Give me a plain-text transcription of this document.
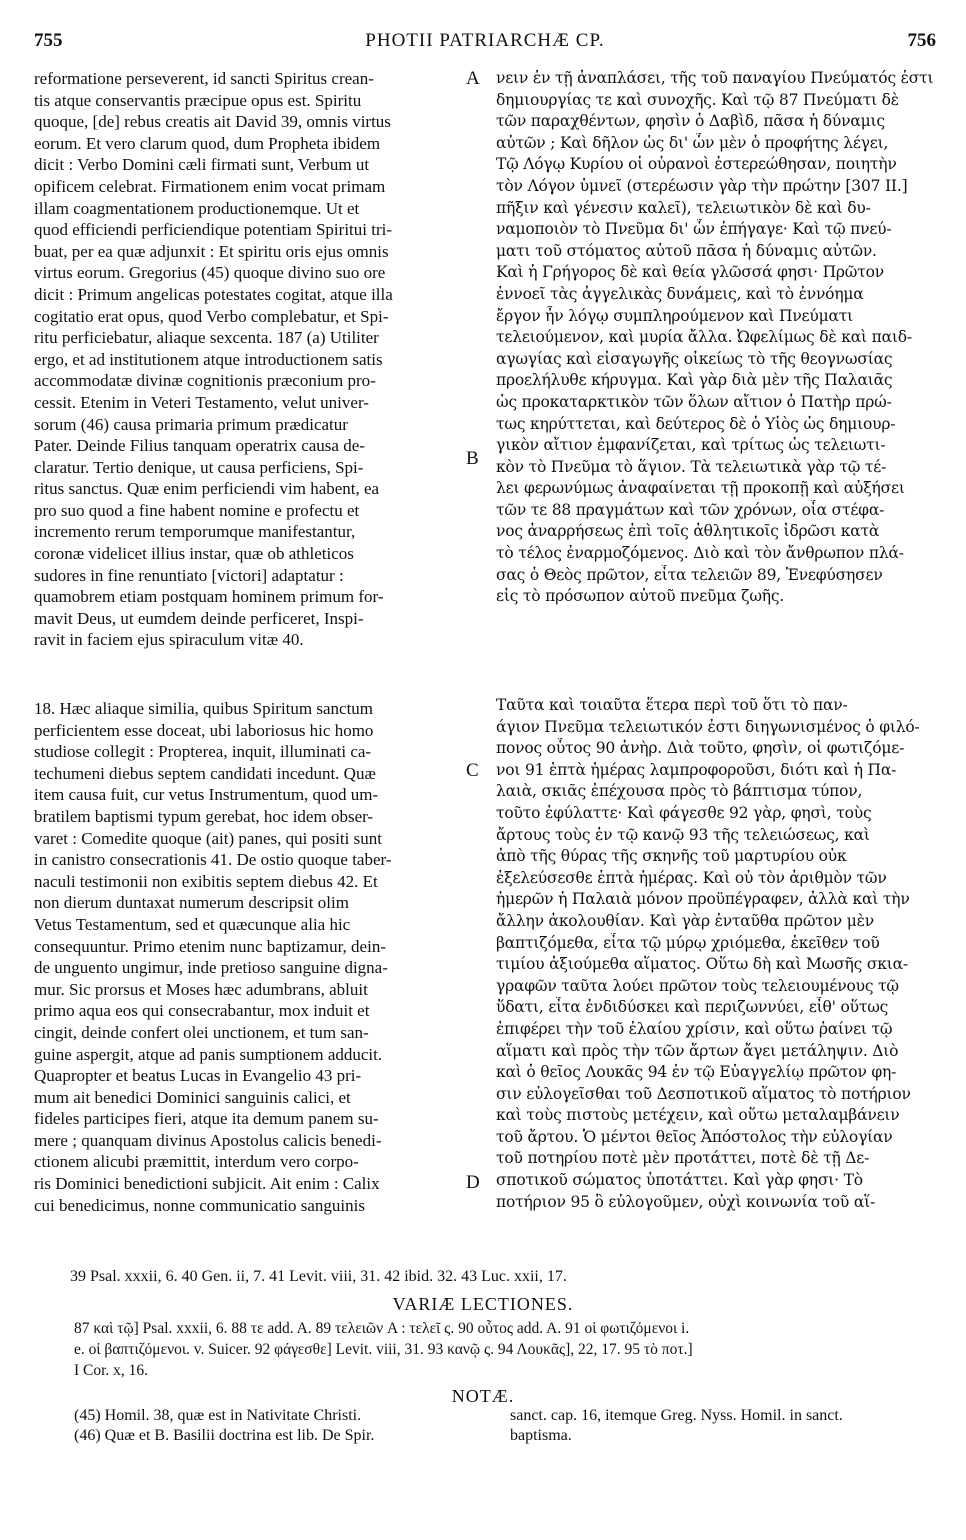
755	PHOTII PATRIARCHÆ CP.	756
reformatione perseverent, id sancti Spiritus crean-
tis atque conservantis præcipue opus est. Spiritu
quoque, [de] rebus creatis ait David 39, omnis virtus
eorum. Et vero clarum quod, dum Propheta ibidem
dicit : Verbo Domini cæli firmati sunt, Verbum ut
opificem celebrat. Firmationem enim vocat primam
illam coagmentationem productionemque. Ut et
quod efficiendi perficiendique potentiam Spiritui tri-
buat, per ea quæ adjunxit : Et spiritu oris ejus omnis
virtus eorum. Gregorius (45) quoque divino suo ore
dicit : Primum angelicas potestates cogitat, atque illa
cogitatio erat opus, quod Verbo complebatur, et Spi-
ritu perficiebatur, aliaque sexcenta. 187 (a) Utiliter
ergo, et ad institutionem atque introductionem satis
accommodatæ divinæ cognitionis præconium pro-
cessit. Etenim in Veteri Testamento, velut univer-
sorum (46) causa primaria primum prædicatur
Pater. Deinde Filius tanquam operatrix causa de-
claratur. Tertio denique, ut causa perficiens, Spi-
ritus sanctus. Quæ enim perficiendi vim habent, ea
pro suo quod a fine habent nomine e profectu et
incremento rerum temporumque manifestantur,
coronæ videlicet illius instar, quæ ob athleticos
sudores in fine renuntiato [victori] adaptatur :
quamobrem etiam postquam hominem primum for-
mavit Deus, ut eumdem deinde perficeret, Inspi-
ravit in faciem ejus spiraculum vitæ 40.
νειν ἐν τῇ ἀναπλάσει, τῆς τοῦ παναγίου Πνεύματός ἐστι
δημιουργίας τε καὶ συνοχῆς. Καὶ τῷ 87 Πνεύματι δὲ
τῶν παραχθέντων, φησὶν ὁ Δαβὶδ, πᾶσα ἡ δύναμις
αὐτῶν ; Καὶ δῆλον ὡς δι' ὧν μὲν ὁ προφήτης λέγει,
Τῷ Λόγῳ Κυρίου οἱ οὐρανοὶ ἐστερεώθησαν, ποιητὴν
τὸν Λόγον ὑμνεῖ (στερέωσιν γὰρ τὴν πρώτην [307 II.]
πῆξιν καὶ γένεσιν καλεῖ), τελειωτικὸν δὲ καὶ δυ-
ναμοποιὸν τὸ Πνεῦμα δι' ὧν ἐπήγαγε· Καὶ τῷ πνεύ-
ματι τοῦ στόματος αὐτοῦ πᾶσα ἡ δύναμις αὐτῶν.
Καὶ ἡ Γρήγορος δὲ καὶ θεία γλῶσσά φησι· Πρῶτον
ἐννοεῖ τὰς ἀγγελικὰς δυνάμεις, καὶ τὸ ἐννόημα
ἔργον ἦν λόγῳ συμπληρούμενον καὶ Πνεύματι
τελειούμενον, καὶ μυρία ἄλλα. Ὠφελίμως δὲ καὶ παιδ-
αγωγίας καὶ εἰσαγωγῆς οἰκείως τὸ τῆς θεογνωσίας
προελήλυθε κήρυγμα. Καὶ γὰρ διὰ μὲν τῆς Παλαιᾶς
ὡς προκαταρκτικὸν τῶν ὅλων αἴτιον ὁ Πατὴρ πρώ-
τως κηρύττεται, καὶ δεύτερος δὲ ὁ Υἱὸς ὡς δημιουρ-
γικὸν αἴτιον ἐμφανίζεται, καὶ τρίτως ὡς τελειωτι-
κὸν τὸ Πνεῦμα τὸ ἅγιον. Τὰ τελειωτικὰ γὰρ τῷ τέ-
λει φερωνύμως ἀναφαίνεται τῇ προκοπῇ καὶ αὐξήσει
τῶν τε 88 πραγμάτων καὶ τῶν χρόνων, οἷα στέφα-
νος ἀναρρήσεως ἐπὶ τοῖς ἀθλητικοῖς ἱδρῶσι κατὰ
τὸ τέλος ἐναρμοζόμενος. Διὸ καὶ τὸν ἄνθρωπον πλά-
σας ὁ Θεὸς πρῶτον, εἶτα τελειῶν 89, Ἐνεφύσησεν
εἰς τὸ πρόσωπον αὐτοῦ πνεῦμα ζωῆς.
18. Hæc aliaque similia, quibus Spiritum sanctum
perficientem esse doceat, ubi laboriosus hic homo
studiose collegit : Propterea, inquit, illuminati ca-
techumeni diebus septem candidati incedunt. Quæ
item causa fuit, cur vetus Instrumentum, quod um-
bratilem baptismi typum gerebat, hoc idem obser-
varet : Comedite quoque (ait) panes, qui positi sunt
in canistro consecrationis 41. De ostio quoque taber-
naculi testimonii non exibitis septem diebus 42. Et
non dierum duntaxat numerum descripsit olim
Vetus Testamentum, sed et quæcunque alia hic
consequuntur. Primo etenim nunc baptizamur, dein-
de unguento ungimur, inde pretioso sanguine digna-
mur. Sic prorsus et Moses hæc adumbrans, abluit
primo aqua eos qui consecrabantur, mox induit et
cingit, deinde confert olei unctionem, et tum san-
guine aspergit, atque ad panis sumptionem adducit.
Quapropter et beatus Lucas in Evangelio 43 pri-
mum ait benedici Dominici sanguinis calici, et
fideles participes fieri, atque ita demum panem su-
mere ; quanquam divinus Apostolus calicis benedi-
ctionem alicubi præmittit, interdum vero corpo-
ris Dominici benedictioni subjicit. Ait enim : Calix
cui benedicimus, nonne communicatio sanguinis
Ταῦτα καὶ τοιαῦτα ἕτερα περὶ τοῦ ὅτι τὸ παν-
άγιον Πνεῦμα τελειωτικόν ἐστι διηγωνισμένος ὁ φιλό-
πονος οὗτος 90 ἀνὴρ. Διὰ τοῦτο, φησὶν, οἱ φωτιζόμε-
νοι 91 ἑπτὰ ἡμέρας λαμπροφοροῦσι, διότι καὶ ἡ Πα-
λαιὰ, σκιᾶς ἐπέχουσα πρὸς τὸ βάπτισμα τύπον,
τοῦτο ἐφύλαττε· Καὶ φάγεσθε 92 γὰρ, φησὶ, τοὺς
ἄρτους τοὺς ἐν τῷ κανῷ 93 τῆς τελειώσεως, καὶ
ἀπὸ τῆς θύρας τῆς σκηνῆς τοῦ μαρτυρίου οὐκ
ἐξελεύσεσθε ἑπτὰ ἡμέρας. Καὶ οὐ τὸν ἀριθμὸν τῶν
ἡμερῶν ἡ Παλαιὰ μόνον προϋπέγραφεν, ἀλλὰ καὶ τὴν
ἄλλην ἀκολουθίαν. Καὶ γὰρ ἐνταῦθα πρῶτον μὲν
βαπτιζόμεθα, εἶτα τῷ μύρῳ χριόμεθα, ἐκεῖθεν τοῦ
τιμίου ἀξιούμεθα αἵματος. Οὕτω δὴ καὶ Μωσῆς σκια-
γραφῶν ταῦτα λούει πρῶτον τοὺς τελειουμένους τῷ
ὕδατι, εἶτα ἐνδιδύσκει καὶ περιζωννύει, εἶθ' οὕτως
ἐπιφέρει τὴν τοῦ ἐλαίου χρίσιν, καὶ οὕτω ῥαίνει τῷ
αἵματι καὶ πρὸς τὴν τῶν ἄρτων ἄγει μετάληψιν. Διὸ
καὶ ὁ θεῖος Λουκᾶς 94 ἐν τῷ Εὐαγγελίῳ πρῶτον φη-
σιν εὐλογεῖσθαι τοῦ Δεσποτικοῦ αἵματος τὸ ποτήριον
καὶ τοὺς πιστοὺς μετέχειν, καὶ οὕτω μεταλαμβάνειν
τοῦ ἄρτου. Ὁ μέντοι θεῖος Ἀπόστολος τὴν εὐλογίαν
τοῦ ποτηρίου ποτὲ μὲν προτάττει, ποτὲ δὲ τῇ Δε-
σποτικοῦ σώματος ὑποτάττει. Καὶ γὰρ φησι· Τὸ
ποτήριον 95 ὃ εὐλογοῦμεν, οὐχὶ κοινωνία τοῦ αἵ-
A
B
C
D
39 Psal. xxxii, 6. 40 Gen. ii, 7. 41 Levit. viii, 31. 42 ibid. 32. 43 Luc. xxii, 17.
VARIÆ LECTIONES.
87 καὶ τῷ] Psal. xxxii, 6. 88 τε add. A. 89 τελειῶν A : τελεῖ ς. 90 οὗτος add. A. 91 οἱ φωτιζόμενοι i.
e. οἱ βαπτιζόμενοι. v. Suicer. 92 φάγεσθε] Levit. viii, 31. 93 κανῷ ς. 94 Λουκᾶς], 22, 17. 95 τὸ ποτ.]
I Cor. x, 16.
NOTÆ.
(45) Homil. 38, quæ est in Nativitate Christi.
(46) Quæ et B. Basilii doctrina est lib. De Spir.
sanct. cap. 16, itemque Greg. Nyss. Homil. in sanct.
baptisma.
